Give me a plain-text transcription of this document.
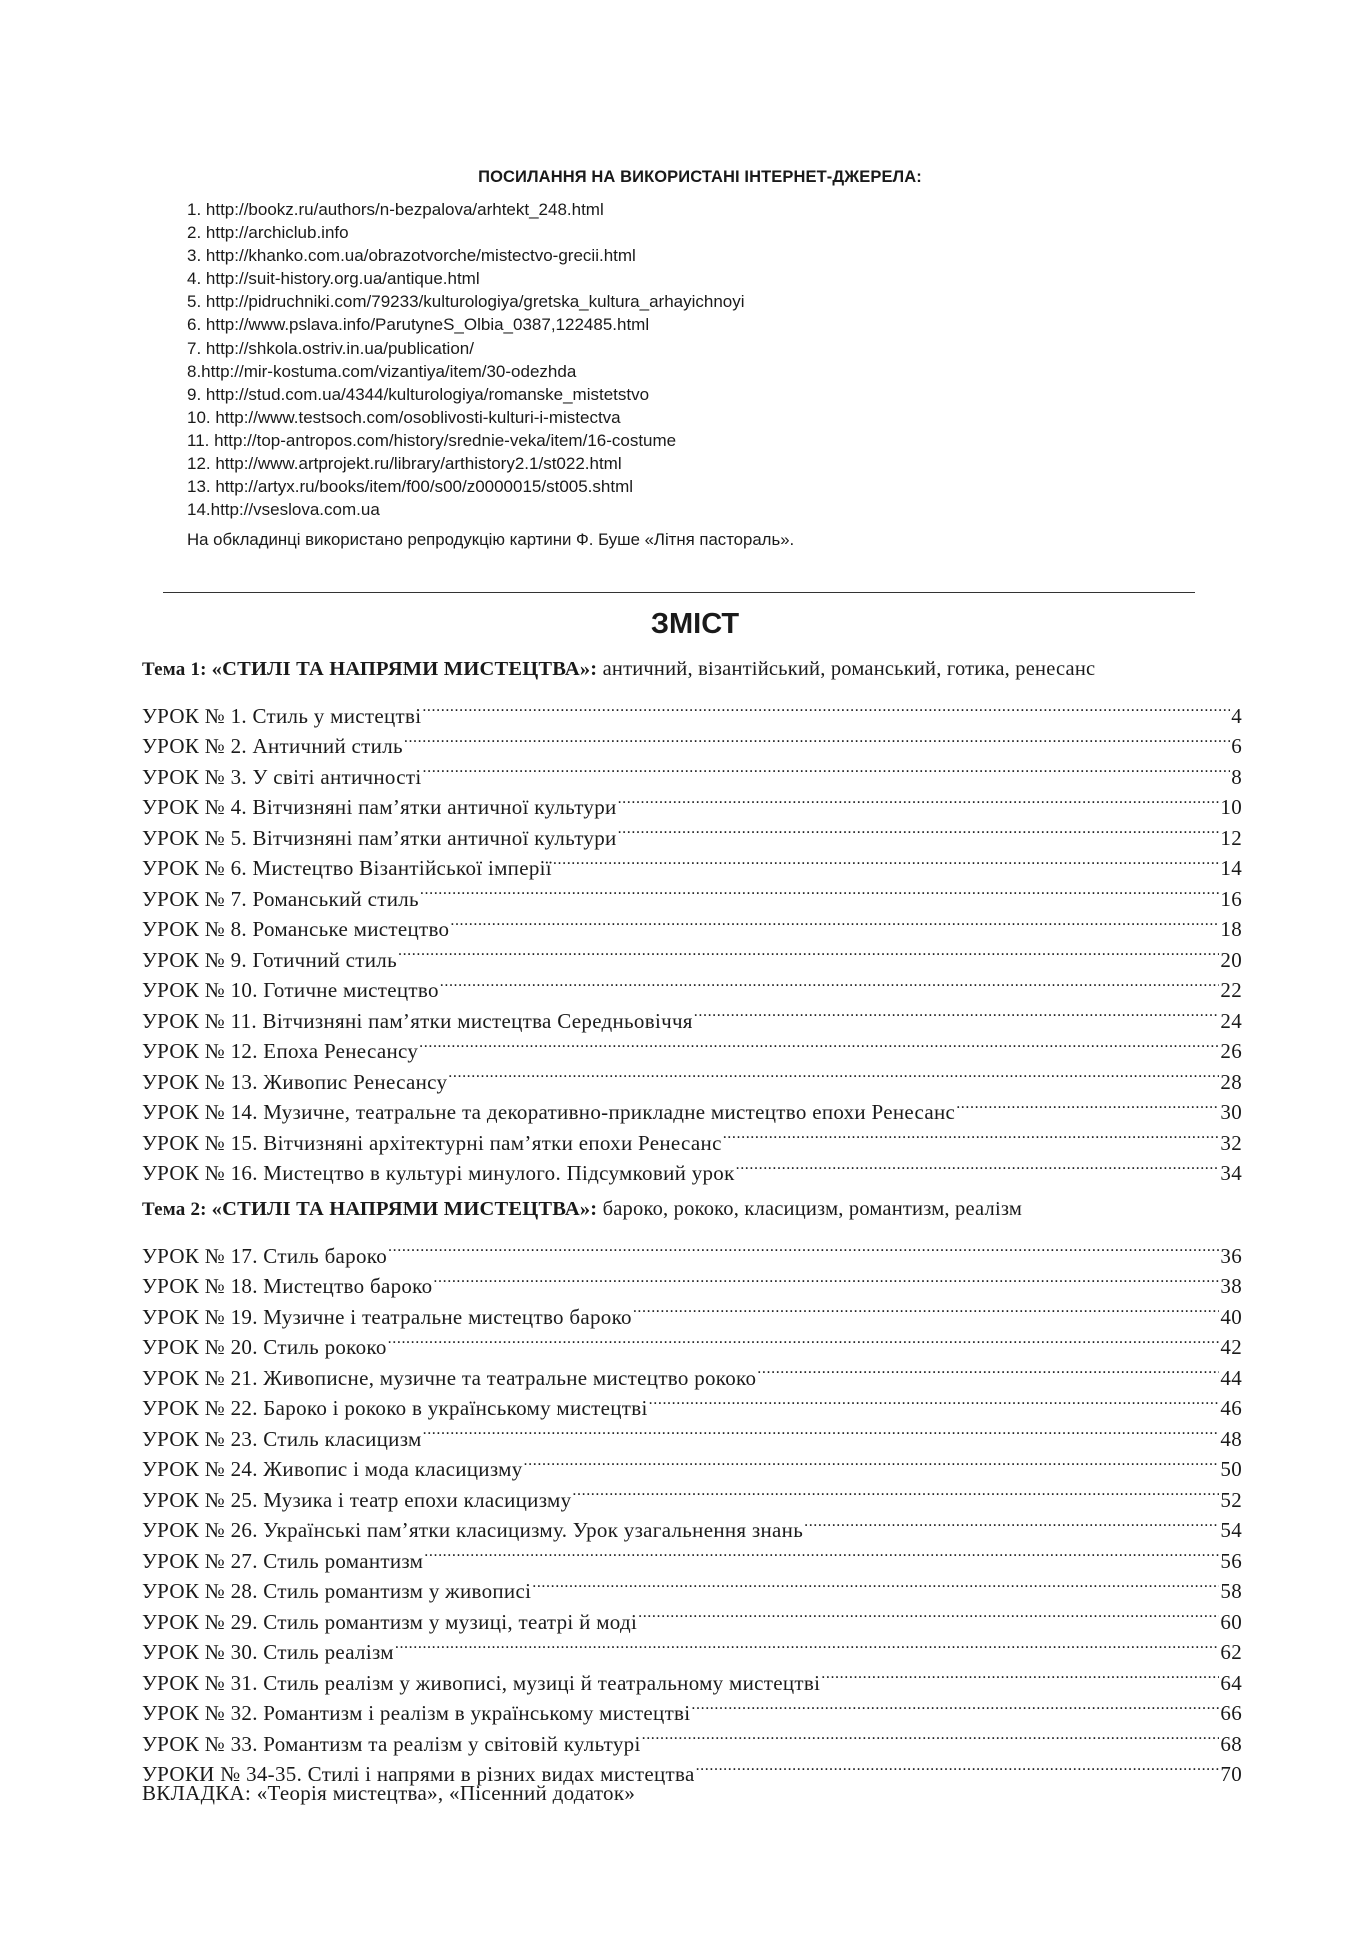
ПОСИЛАННЯ НА ВИКОРИСТАНІ ІНТЕРНЕТ-ДЖЕРЕЛА:
1. http://bookz.ru/authors/n-bezpalova/arhtekt_248.html
2. http://archiclub.info
3. http://khanko.com.ua/obrazotvorche/mistectvo-grecii.html
4. http://suit-history.org.ua/antique.html
5. http://pidruchniki.com/79233/kulturologiya/gretska_kultura_arhayichnoyi
6. http://www.pslava.info/ParutyneS_Olbia_0387,122485.html
7. http://shkola.ostriv.in.ua/publication/
8.http://mir-kostuma.com/vizantiya/item/30-odezhda
9. http://stud.com.ua/4344/kulturologiya/romanske_mistetstvo
10. http://www.testsoch.com/osoblivosti-kulturi-i-mistectva
11. http://top-antropos.com/history/srednie-veka/item/16-costume
12. http://www.artprojekt.ru/library/arthistory2.1/st022.html
13. http://artyx.ru/books/item/f00/s00/z0000015/st005.shtml
14.http://vseslova.com.ua
На обкладинці використано репродукцію картини Ф. Буше «Літня пастораль».
ЗМІСТ
Тема 1: «СТИЛІ ТА НАПРЯМИ МИСТЕЦТВА»: античний, візантійський, романський, готика, ренесанс
УРОК № 1. Стиль у мистецтві .....	4
УРОК № 2. Античний стиль .....	6
УРОК № 3. У світі античності .....	8
УРОК № 4. Вітчизняні пам’ятки античної культури .....	10
УРОК № 5. Вітчизняні пам’ятки античної культури .....	12
УРОК № 6. Мистецтво Візантійської імперії .....	14
УРОК № 7. Романський стиль .....	16
УРОК № 8. Романське мистецтво .....	18
УРОК № 9. Готичний стиль .....	20
УРОК № 10. Готичне мистецтво .....	22
УРОК № 11. Вітчизняні пам’ятки мистецтва Середньовіччя .....	24
УРОК № 12. Епоха Ренесансу .....	26
УРОК № 13. Живопис Ренесансу .....	28
УРОК № 14. Музичне, театральне та декоративно-прикладне мистецтво епохи Ренесанс .....	30
УРОК № 15. Вітчизняні архітектурні пам’ятки епохи Ренесанс .....	32
УРОК № 16. Мистецтво в культурі минулого. Підсумковий урок .....	34
Тема 2: «СТИЛІ ТА НАПРЯМИ МИСТЕЦТВА»: бароко, рококо, класицизм, романтизм, реалізм
УРОК № 17. Стиль бароко .....	36
УРОК № 18. Мистецтво бароко .....	38
УРОК № 19. Музичне і театральне мистецтво бароко .....	40
УРОК № 20. Стиль рококо .....	42
УРОК № 21. Живописне, музичне та театральне мистецтво рококо .....	44
УРОК № 22. Бароко і рококо в українському мистецтві .....	46
УРОК № 23. Стиль класицизм .....	48
УРОК № 24. Живопис і мода класицизму .....	50
УРОК № 25. Музика і театр епохи класицизму .....	52
УРОК № 26. Українські пам’ятки класицизму. Урок узагальнення знань .....	54
УРОК № 27. Стиль романтизм .....	56
УРОК № 28. Стиль романтизм у живописі .....	58
УРОК № 29. Стиль романтизм у музиці, театрі й моді .....	60
УРОК № 30. Стиль реалізм .....	62
УРОК № 31. Стиль реалізм у живописі, музиці й театральному мистецтві .....	64
УРОК № 32. Романтизм і реалізм в українському мистецтві .....	66
УРОК № 33. Романтизм та реалізм у світовій культурі .....	68
УРОКИ № 34-35. Стилі і напрями в різних видах мистецтва .....	70
ВКЛАДКА: «Теорія мистецтва», «Пісенний додаток»
